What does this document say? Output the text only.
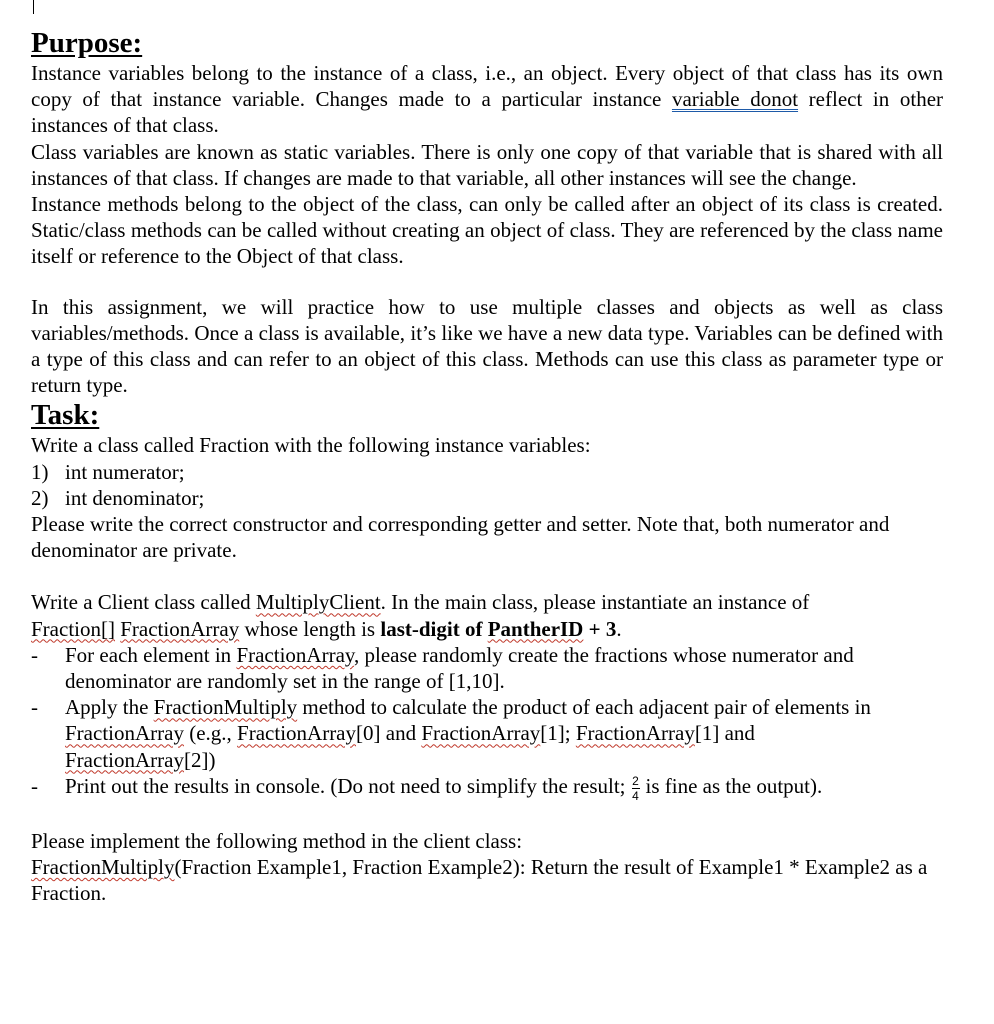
Purpose:

Instance variables belong to the instance of a class, i.e., an object. Every object of that class has its own copy of that instance variable. Changes made to a particular instance variable donot reflect in other instances of that class.

Class variables are known as static variables. There is only one copy of that variable that is shared with all instances of that class. If changes are made to that variable, all other instances will see the change.

Instance methods belong to the object of the class, can only be called after an object of its class is created. Static/class methods can be called without creating an object of class. They are referenced by the class name itself or reference to the Object of that class.

In this assignment, we will practice how to use multiple classes and objects as well as class variables/methods. Once a class is available, it’s like we have a new data type. Variables can be defined with a type of this class and can refer to an object of this class. Methods can use this class as parameter type or return type.

Task:

Write a class called Fraction with the following instance variables:

1) int numerator;
2) int denominator;

Please write the correct constructor and corresponding getter and setter. Note that, both numerator and denominator are private.

Write a Client class called MultiplyClient. In the main class, please instantiate an instance of
Fraction[] FractionArray whose length is last-digit of PantherID + 3.

-	For each element in FractionArray, please randomly create the fractions whose numerator and denominator are randomly set in the range of [1,10].
-	Apply the FractionMultiply method to calculate the product of each adjacent pair of elements in FractionArray (e.g., FractionArray[0] and FractionArray[1]; FractionArray[1] and
FractionArray[2])
-	Print out the results in console. (Do not need to simplify the result; $\frac{2}{4}$ is fine as the output).

Please implement the following method in the client class:

FractionMultiply(Fraction Example1, Fraction Example2): Return the result of Example1 * Example2 as a Fraction.
